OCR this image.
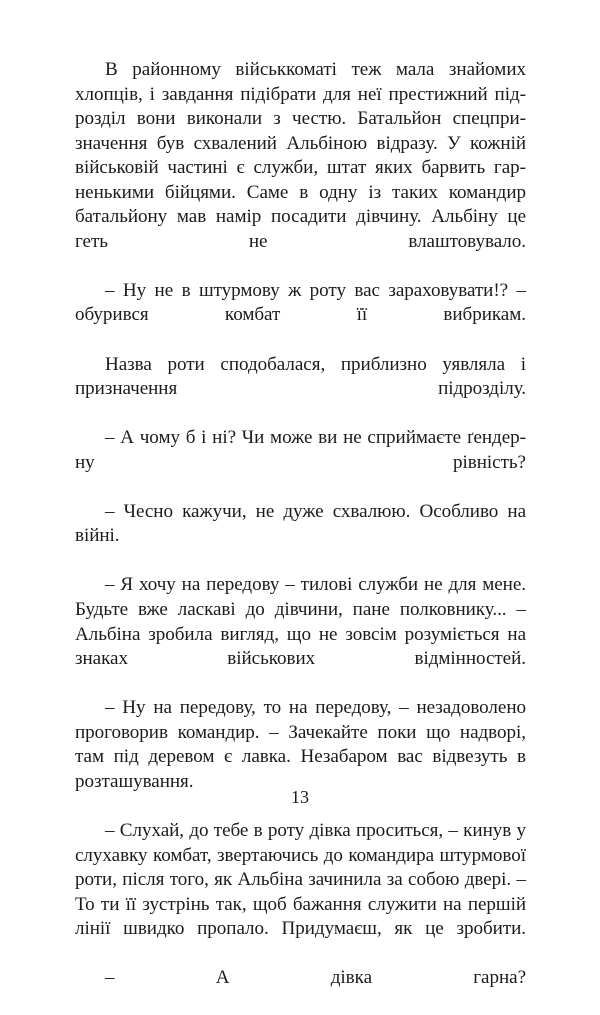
В районному військкоматі теж мала знайомих хлопців, і завдання підібрати для неї престижний підрозділ вони виконали з честю. Батальйон спецпризначення був схвалений Альбіною відразу. У кожній військовій частині є служби, штат яких барвить гарненькими бійцями. Саме в одну із таких командир батальйону мав намір посадити дівчину. Альбіну це геть не влаштовувало.

– Ну не в штурмову ж роту вас зараховувати!? – обурився комбат її вибрикам.

Назва роти сподобалася, приблизно уявляла і призначення підрозділу.

– А чому б і ні? Чи може ви не сприймаєте ґендерну рівність?

– Чесно кажучи, не дуже схвалюю. Особливо на війні.

– Я хочу на передову – тилові служби не для мене. Будьте вже ласкаві до дівчини, пане полковнику... – Альбіна зробила вигляд, що не зовсім розуміється на знаках військових відмінностей.

– Ну на передову, то на передову, – незадоволено проговорив командир. – Зачекайте поки що надворі, там під деревом є лавка. Незабаром вас відвезуть в розташування.

– Слухай, до тебе в роту дівка проситься, – кинув у слухавку комбат, звертаючись до командира штурмової роти, після того, як Альбіна зачинила за собою двері. – То ти її зустрінь так, щоб бажання служити на першій лінії швидко пропало. Придумаєш, як це зробити.

– А дівка гарна?

13
